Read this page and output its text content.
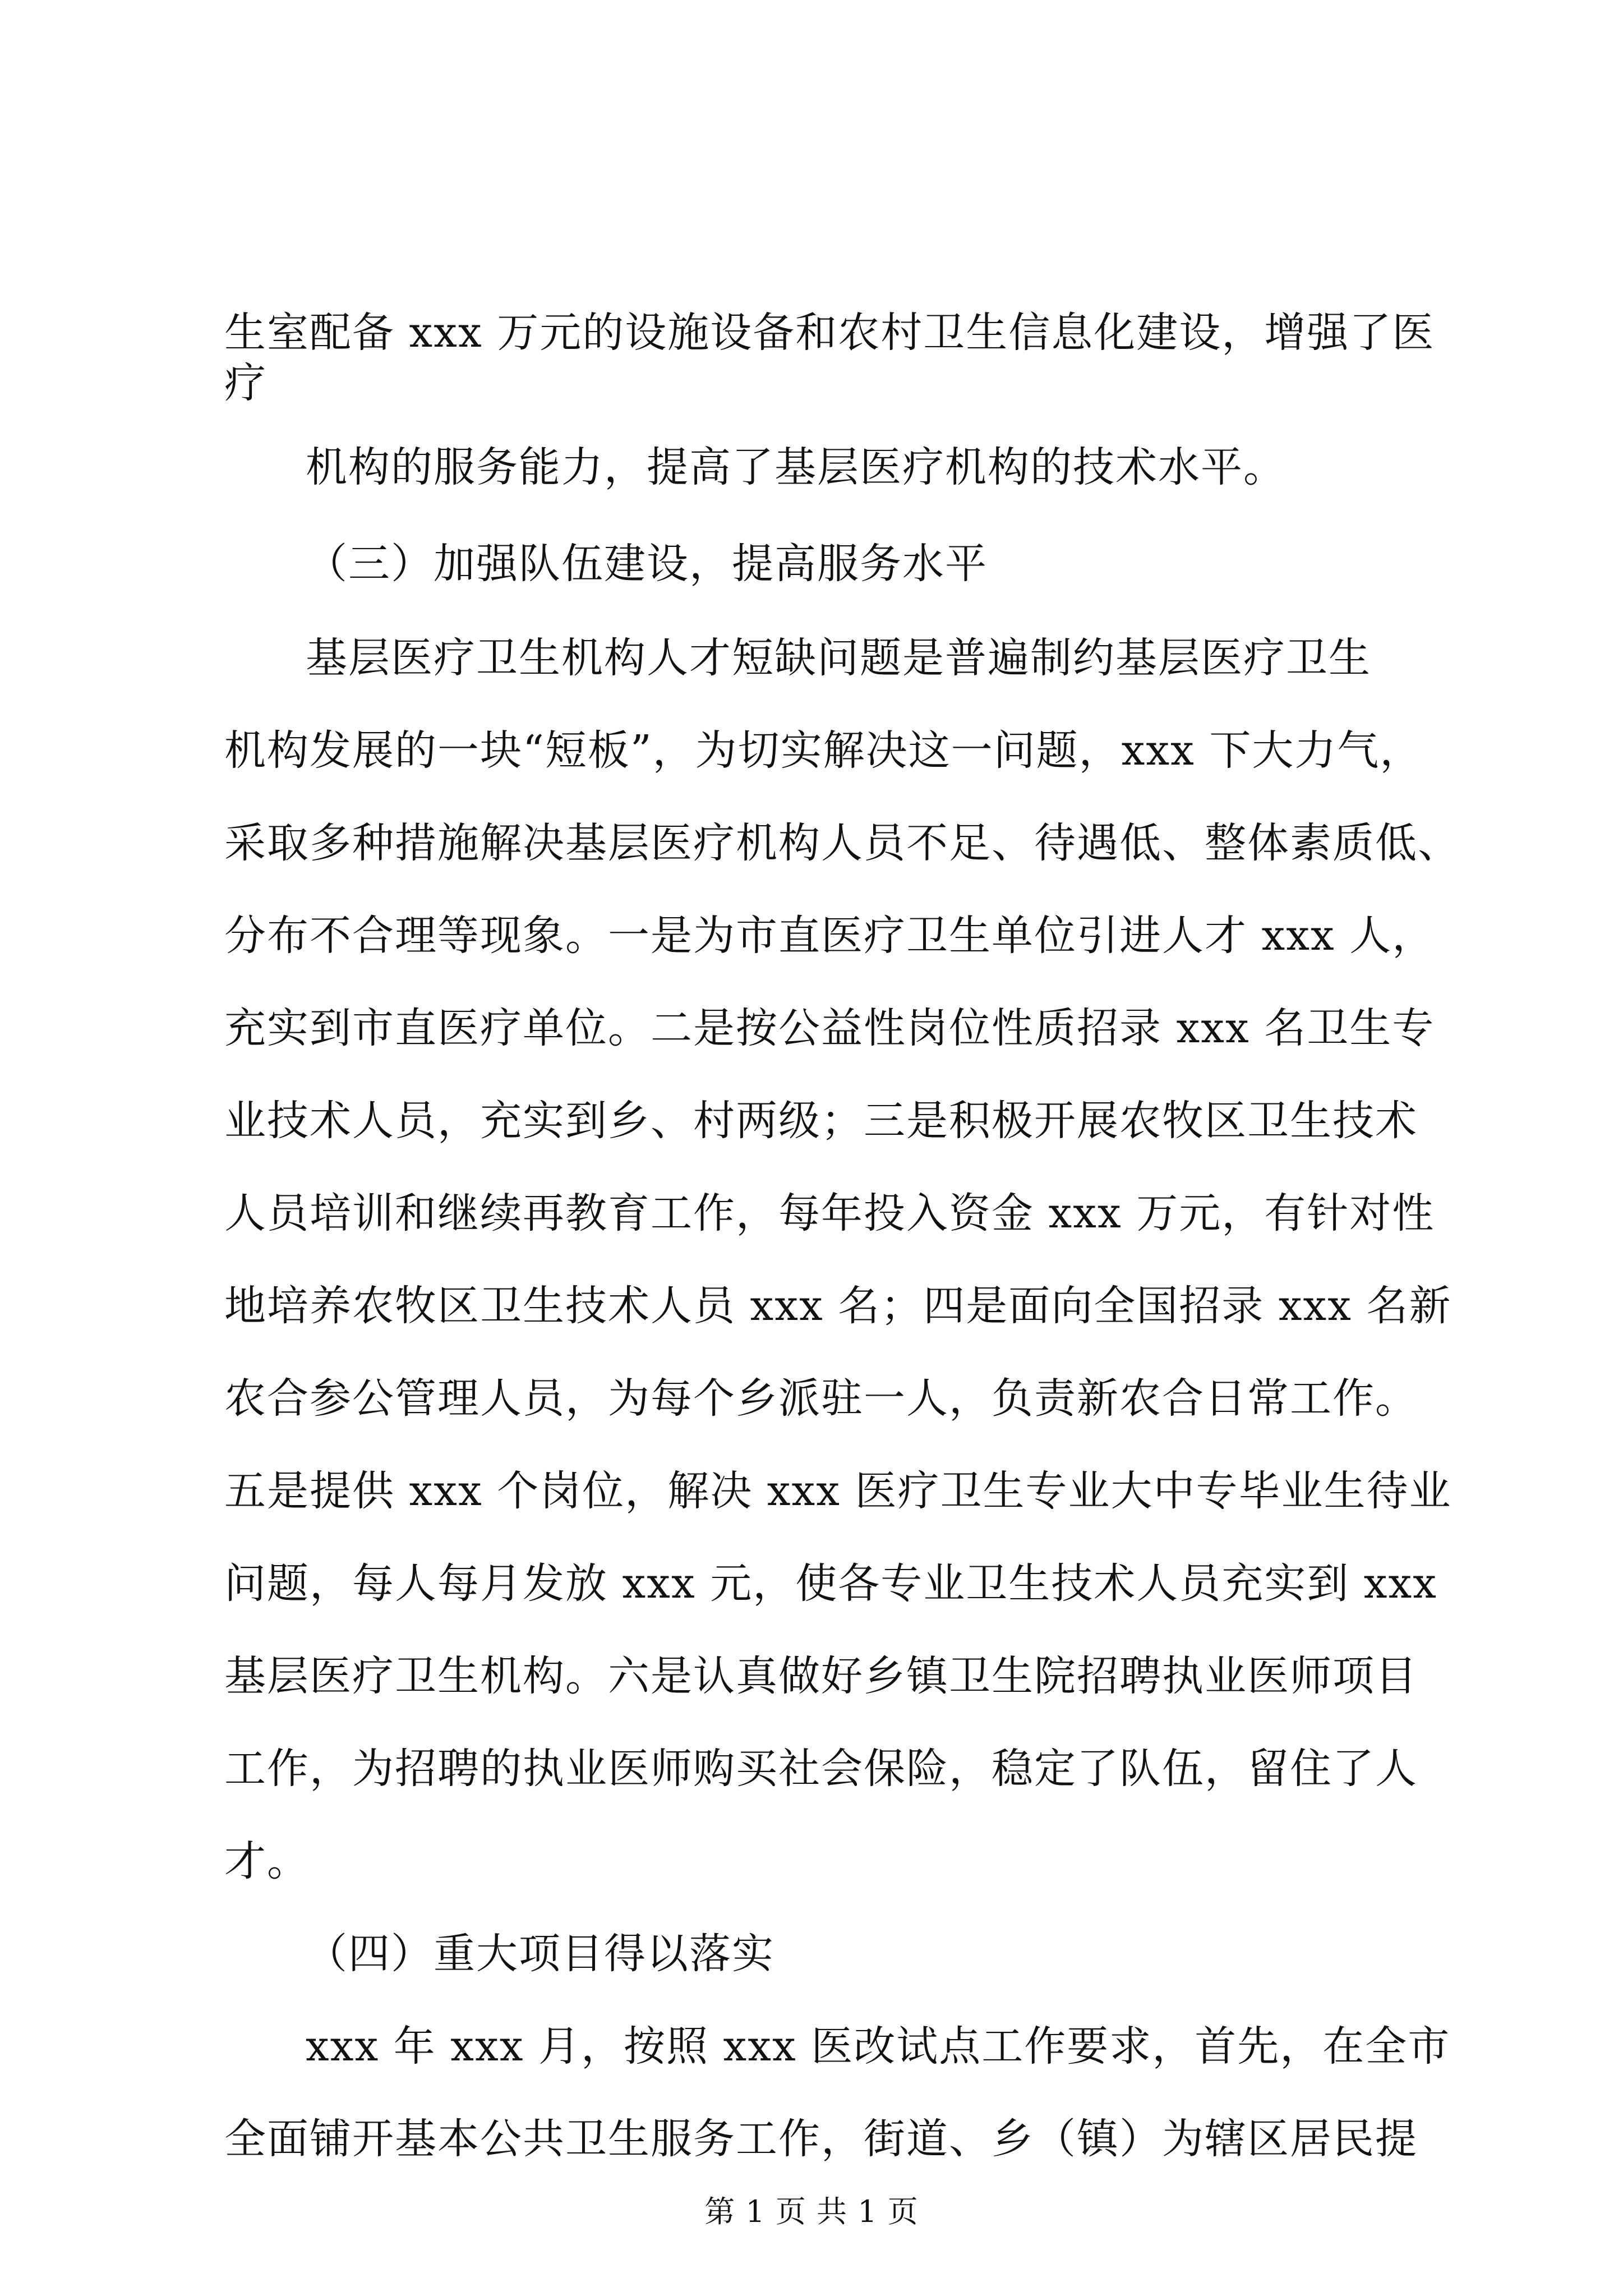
生室配备 xxx 万元的设施设备和农村卫生信息化建设，增强了医
疗
机构的服务能力，提高了基层医疗机构的技术水平。
（三）加强队伍建设，提高服务水平
基层医疗卫生机构人才短缺问题是普遍制约基层医疗卫生
机构发展的一块“短板”，为切实解决这一问题，xxx 下大力气，
采取多种措施解决基层医疗机构人员不足、待遇低、整体素质低、
分布不合理等现象。一是为市直医疗卫生单位引进人才 xxx 人，
充实到市直医疗单位。二是按公益性岗位性质招录 xxx 名卫生专
业技术人员，充实到乡、村两级；三是积极开展农牧区卫生技术
人员培训和继续再教育工作，每年投入资金 xxx 万元，有针对性
地培养农牧区卫生技术人员 xxx 名；四是面向全国招录 xxx 名新
农合参公管理人员，为每个乡派驻一人，负责新农合日常工作。
五是提供 xxx 个岗位，解决 xxx 医疗卫生专业大中专毕业生待业
问题，每人每月发放 xxx 元，使各专业卫生技术人员充实到 xxx
基层医疗卫生机构。六是认真做好乡镇卫生院招聘执业医师项目
工作，为招聘的执业医师购买社会保险，稳定了队伍，留住了人
才。
（四）重大项目得以落实
xxx 年 xxx 月，按照 xxx 医改试点工作要求，首先，在全市
全面铺开基本公共卫生服务工作，街道、乡（镇）为辖区居民提
第 1 页 共 1 页
